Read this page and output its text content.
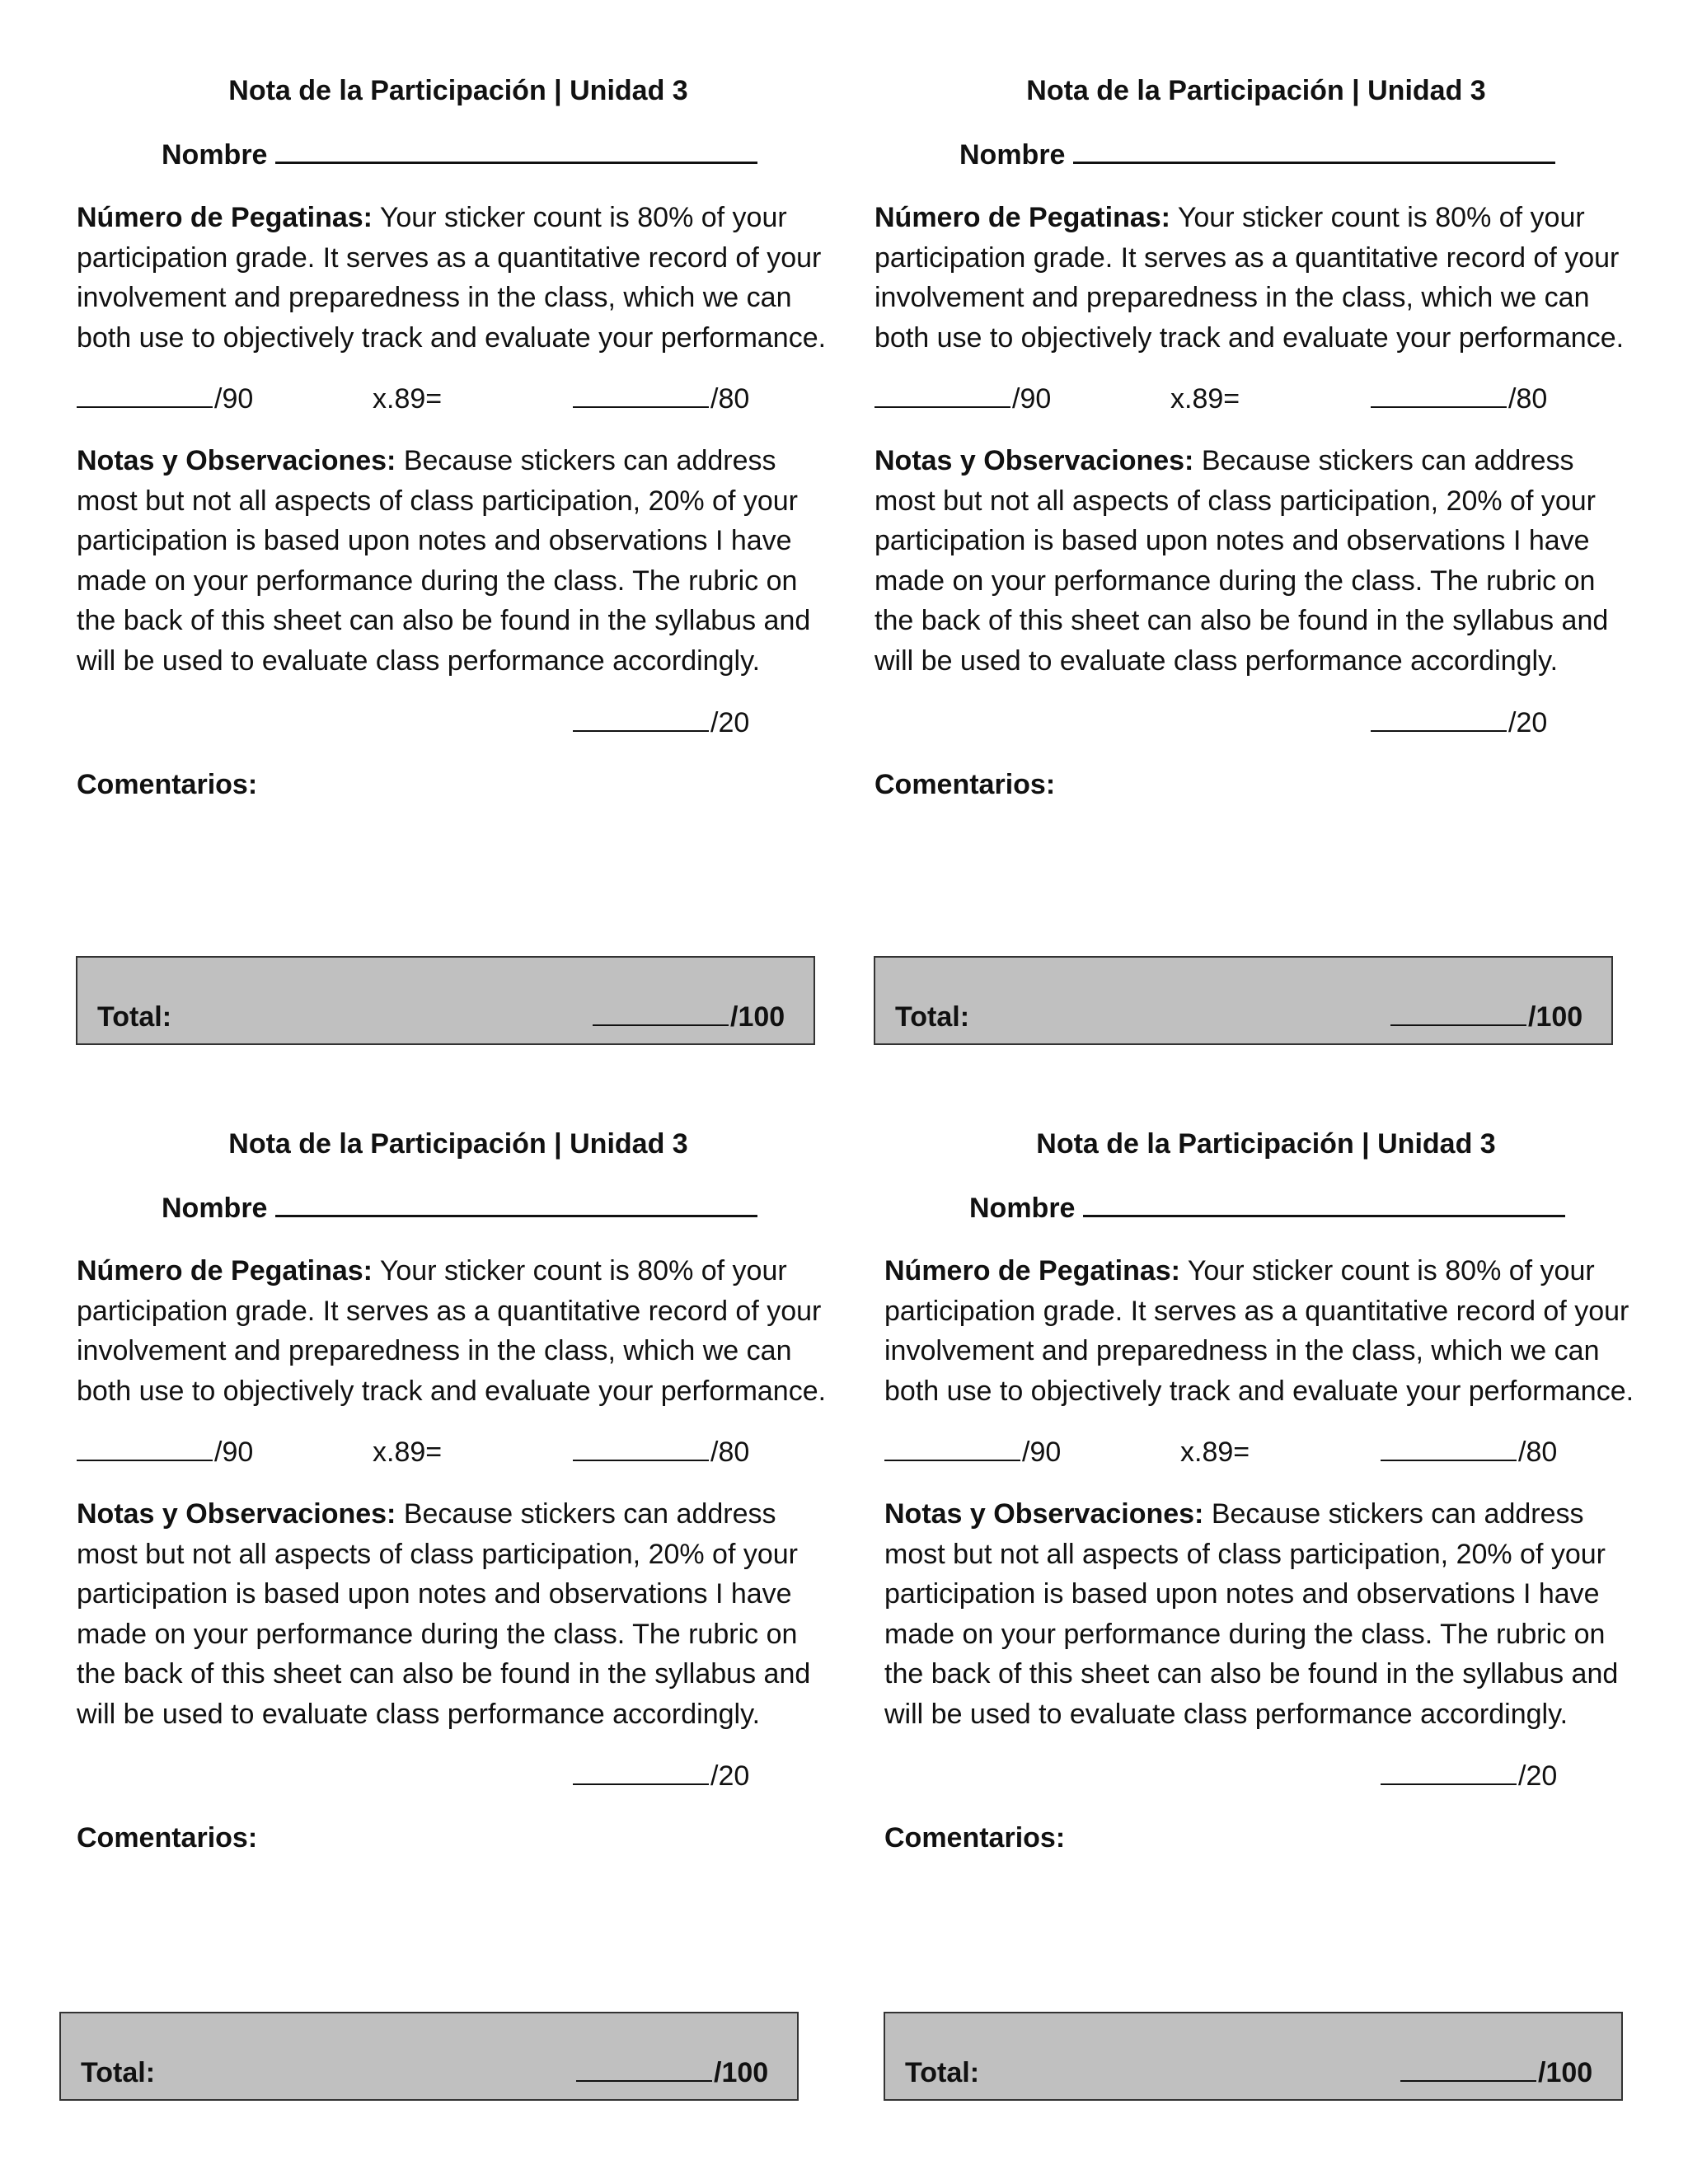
Nota de la Participación | Unidad 3
Nombre
Número de Pegatinas: Your sticker count is 80% of your participation grade. It serves as a quantitative record of your involvement and preparedness in the class, which we can both use to objectively track and evaluate your performance.
/90	x.89=	/80
Notas y Observaciones: Because stickers can address most but not all aspects of class participation, 20% of your participation is based upon notes and observations I have made on your performance during the class. The rubric on the back of this sheet can also be found in the syllabus and will be used to evaluate class performance accordingly.
/20
Comentarios:
Total:	/100
Nota de la Participación | Unidad 3
Nombre
Número de Pegatinas: Your sticker count is 80% of your participation grade. It serves as a quantitative record of your involvement and preparedness in the class, which we can both use to objectively track and evaluate your performance.
/90	x.89=	/80
Notas y Observaciones: Because stickers can address most but not all aspects of class participation, 20% of your participation is based upon notes and observations I have made on your performance during the class. The rubric on the back of this sheet can also be found in the syllabus and will be used to evaluate class performance accordingly.
/20
Comentarios:
Total:	/100
Nota de la Participación | Unidad 3
Nombre
Número de Pegatinas: Your sticker count is 80% of your participation grade. It serves as a quantitative record of your involvement and preparedness in the class, which we can both use to objectively track and evaluate your performance.
/90	x.89=	/80
Notas y Observaciones: Because stickers can address most but not all aspects of class participation, 20% of your participation is based upon notes and observations I have made on your performance during the class. The rubric on the back of this sheet can also be found in the syllabus and will be used to evaluate class performance accordingly.
/20
Comentarios:
Total:	/100
Nota de la Participación | Unidad 3
Nombre
Número de Pegatinas: Your sticker count is 80% of your participation grade. It serves as a quantitative record of your involvement and preparedness in the class, which we can both use to objectively track and evaluate your performance.
/90	x.89=	/80
Notas y Observaciones: Because stickers can address most but not all aspects of class participation, 20% of your participation is based upon notes and observations I have made on your performance during the class. The rubric on the back of this sheet can also be found in the syllabus and will be used to evaluate class performance accordingly.
/20
Comentarios:
Total:	/100
